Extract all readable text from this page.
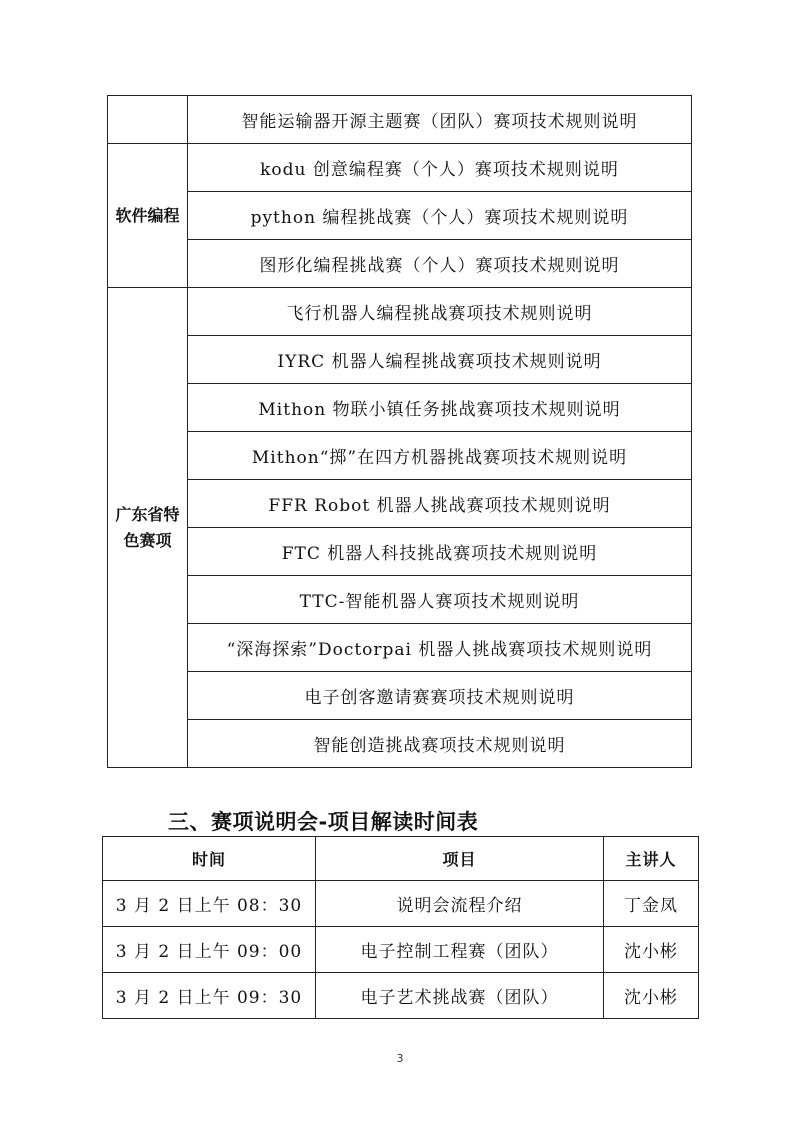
	智能运输器开源主题赛（团队）赛项技术规则说明
软件编程	kodu 创意编程赛（个人）赛项技术规则说明
	python 编程挑战赛（个人）赛项技术规则说明
	图形化编程挑战赛（个人）赛项技术规则说明
广东省特
色赛项	飞行机器人编程挑战赛项技术规则说明
	IYRC 机器人编程挑战赛项技术规则说明
	Mithon 物联小镇任务挑战赛项技术规则说明
	Mithon“掷”在四方机器挑战赛项技术规则说明
	FFR Robot 机器人挑战赛项技术规则说明
	FTC 机器人科技挑战赛项技术规则说明
	TTC-智能机器人赛项技术规则说明
	“深海探索”Doctorpai 机器人挑战赛项技术规则说明
	电子创客邀请赛赛项技术规则说明
	智能创造挑战赛项技术规则说明
三、赛项说明会-项目解读时间表
时间	项目	主讲人
3 月 2 日上午 08：30	说明会流程介绍	丁金凤
3 月 2 日上午 09：00	电子控制工程赛（团队）	沈小彬
3 月 2 日上午 09：30	电子艺术挑战赛（团队）	沈小彬
3
